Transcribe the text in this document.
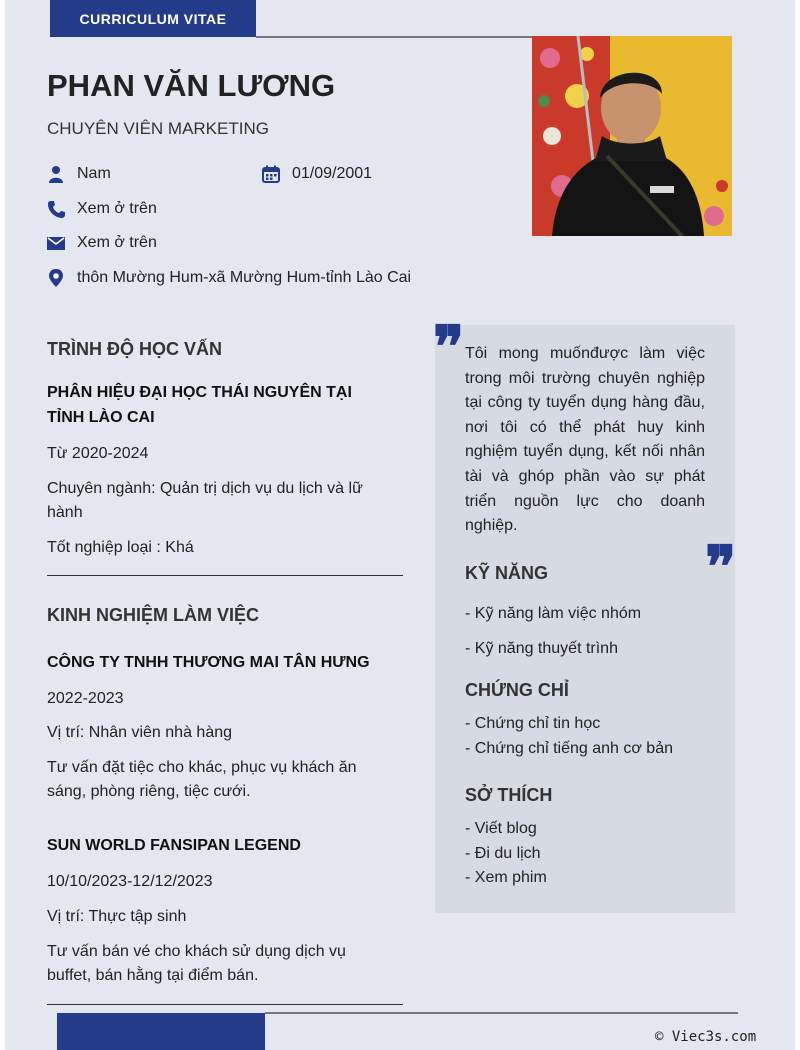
CURRICULUM VITAE
PHAN VĂN LƯƠNG
CHUYÊN VIÊN MARKETING
Nam	01/09/2001
Xem ở trên
Xem ở trên
thôn Mường Hum-xã Mường Hum-tỉnh Lào Cai
TRÌNH ĐỘ HỌC VẤN
PHÂN HIỆU ĐẠI HỌC THÁI NGUYÊN TẠI TỈNH LÀO CAI
Từ 2020-2024
Chuyên ngành: Quản trị dịch vụ du lịch và lữ hành
Tốt nghiệp loại : Khá
KINH NGHIỆM LÀM VIỆC
CÔNG TY TNHH THƯƠNG MAI TÂN HƯNG
2022-2023
Vị trí: Nhân viên nhà hàng
Tư vấn đặt tiệc cho khác, phục vụ khách ăn sáng, phòng riêng, tiệc cưới.
SUN WORLD FANSIPAN LEGEND
10/10/2023-12/12/2023
Vị trí: Thực tập sinh
Tư vấn bán vé cho khách sử dụng dịch vụ buffet, bán hằng tại điểm bán.
❞ Tôi mong muốnđược làm việc trong môi trường chuyên nghiệp tại công ty tuyển dụng hàng đầu, nơi tôi có thể phát huy kinh nghiệm tuyển dụng, kết nối nhân tài và ghóp phần vào sự phát triển nguồn lực cho doanh nghiệp.
❞
KỸ NĂNG
- Kỹ năng làm việc nhóm
- Kỹ năng thuyết trình
CHỨNG CHỈ
- Chứng chỉ tin học
- Chứng chỉ tiếng anh cơ bản
SỞ THÍCH
- Viết blog
- Đi du lịch
- Xem phim
© Viec3s.com
